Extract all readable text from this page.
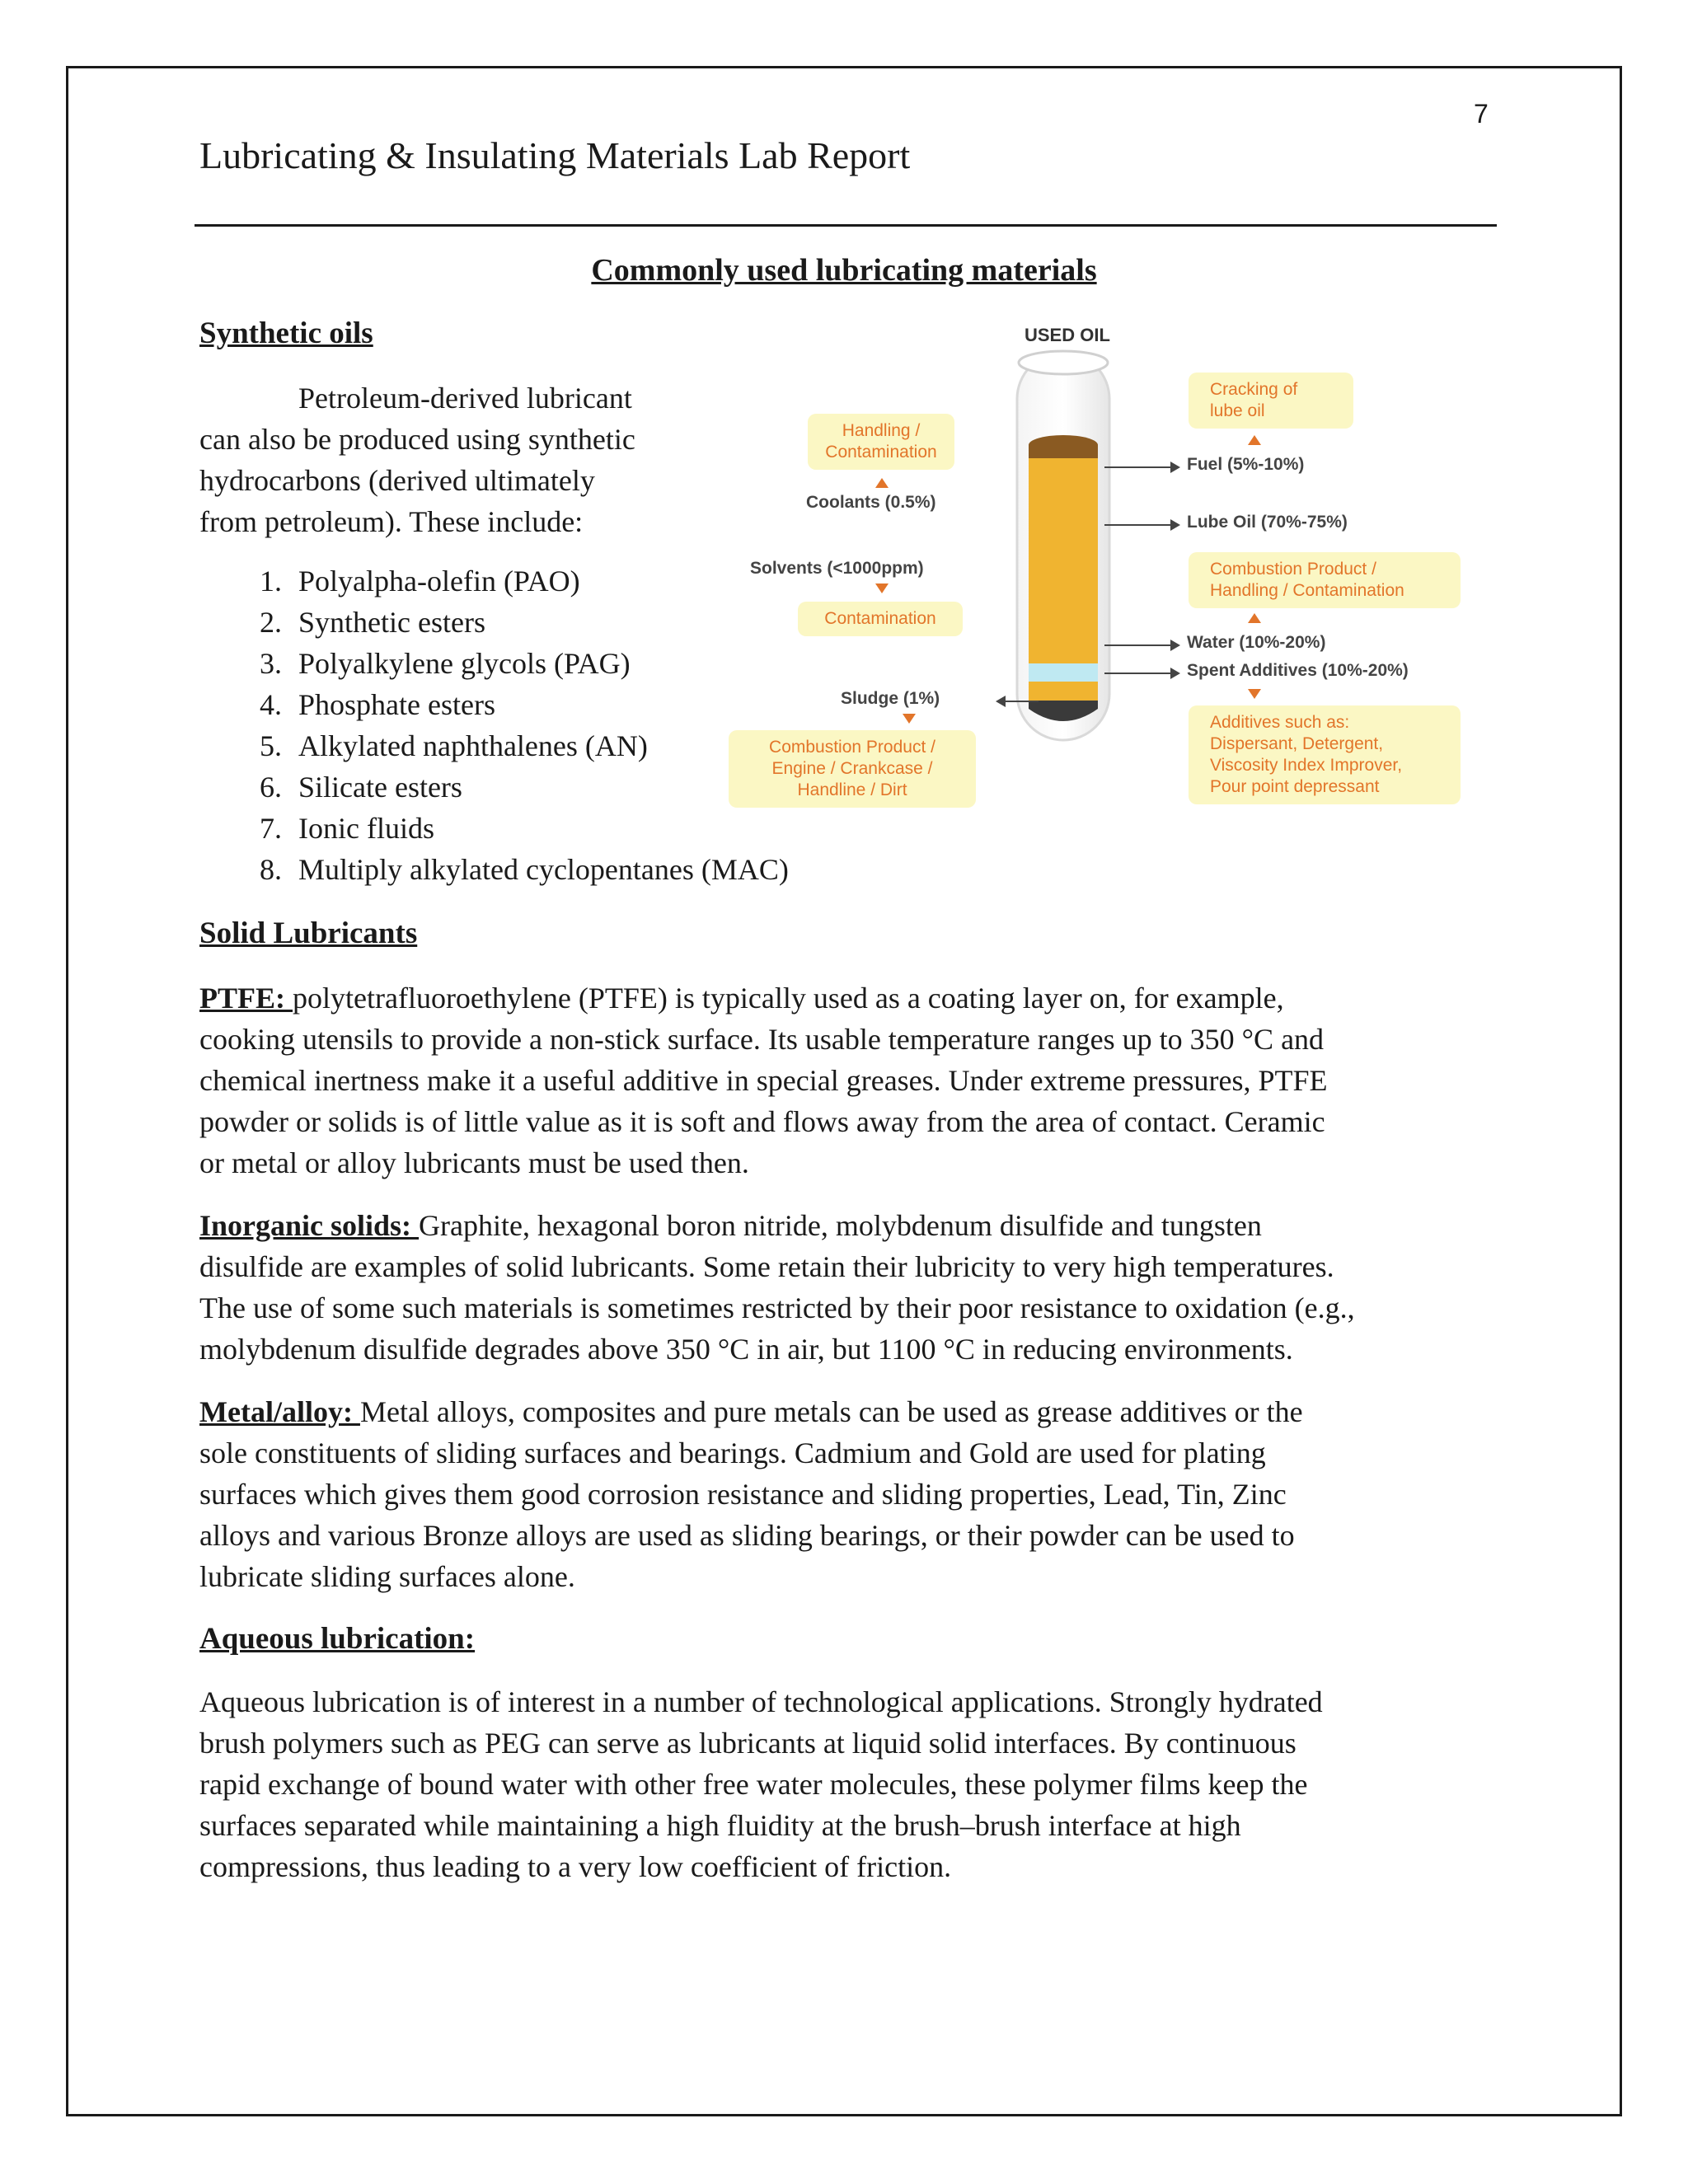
7
Lubricating & Insulating Materials Lab Report
Commonly used lubricating materials
Synthetic oils
Petroleum-derived lubricant
can also be produced using synthetic
hydrocarbons (derived ultimately
from petroleum). These include:
1. Polyalpha-olefin (PAO)
2. Synthetic esters
3. Polyalkylene glycols (PAG)
4. Phosphate esters
5. Alkylated naphthalenes (AN)
6. Silicate esters
7. Ionic fluids
8. Multiply alkylated cyclopentanes (MAC)
USED OIL
Handling /
Contamination
Coolants (0.5%)
Solvents (<1000ppm)
Contamination
Sludge (1%)
Combustion Product /
Engine / Crankcase /
Handline / Dirt
Cracking of
lube oil
Fuel (5%-10%)
Lube Oil (70%-75%)
Combustion Product /
Handling / Contamination
Water (10%-20%)
Spent Additives (10%-20%)
Additives such as:
Dispersant, Detergent,
Viscosity Index Improver,
Pour point depressant
Solid Lubricants
PTFE: polytetrafluoroethylene (PTFE) is typically used as a coating layer on, for example,
cooking utensils to provide a non-stick surface. Its usable temperature ranges up to 350 °C and
chemical inertness make it a useful additive in special greases. Under extreme pressures, PTFE
powder or solids is of little value as it is soft and flows away from the area of contact. Ceramic
or metal or alloy lubricants must be used then.
Inorganic solids: Graphite, hexagonal boron nitride, molybdenum disulfide and tungsten
disulfide are examples of solid lubricants. Some retain their lubricity to very high temperatures.
The use of some such materials is sometimes restricted by their poor resistance to oxidation (e.g.,
molybdenum disulfide degrades above 350 °C in air, but 1100 °C in reducing environments.
Metal/alloy: Metal alloys, composites and pure metals can be used as grease additives or the
sole constituents of sliding surfaces and bearings. Cadmium and Gold are used for plating
surfaces which gives them good corrosion resistance and sliding properties, Lead, Tin, Zinc
alloys and various Bronze alloys are used as sliding bearings, or their powder can be used to
lubricate sliding surfaces alone.
Aqueous lubrication:
Aqueous lubrication is of interest in a number of technological applications. Strongly hydrated
brush polymers such as PEG can serve as lubricants at liquid solid interfaces. By continuous
rapid exchange of bound water with other free water molecules, these polymer films keep the
surfaces separated while maintaining a high fluidity at the brush–brush interface at high
compressions, thus leading to a very low coefficient of friction.
